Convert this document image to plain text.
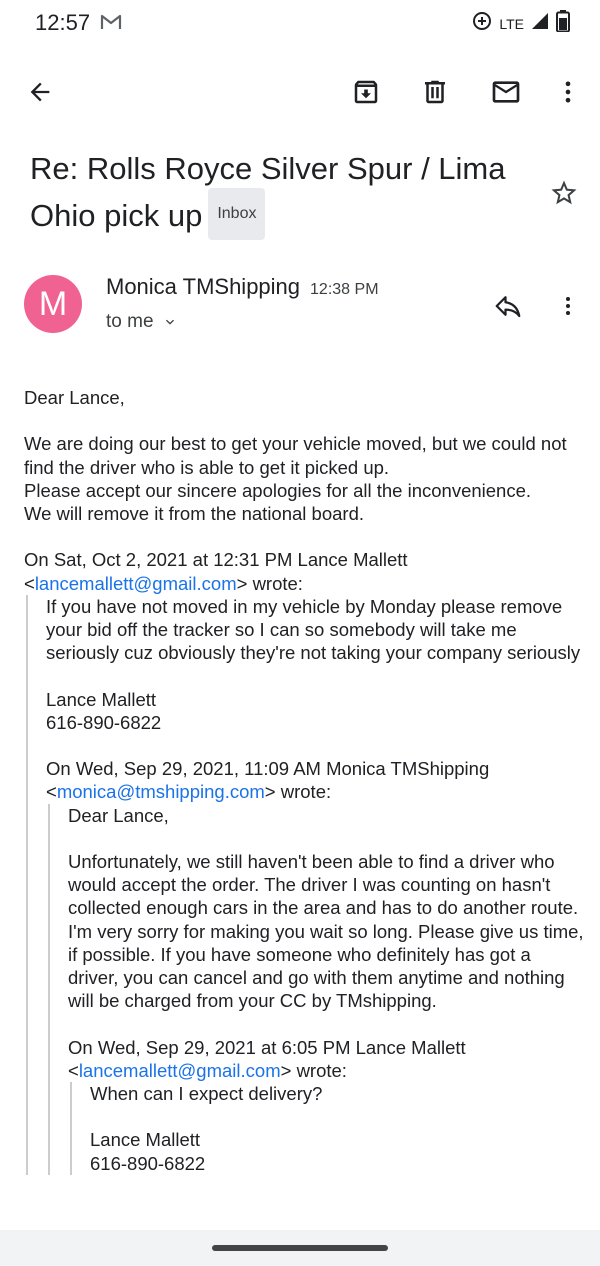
12:57	LTE
Re: Rolls Royce Silver Spur / Lima Ohio pick up Inbox
M	Monica TMShipping 12:38 PM
to me

Dear Lance,

We are doing our best to get your vehicle moved, but we could not find the driver who is able to get it picked up.
Please accept our sincere apologies for all the inconvenience.
We will remove it from the national board.

On Sat, Oct 2, 2021 at 12:31 PM Lance Mallett
<lancemallett@gmail.com> wrote:

If you have not moved in my vehicle by Monday please remove your bid off the tracker so I can so somebody will take me seriously cuz obviously they're not taking your company seriously

Lance Mallett
616-890-6822

On Wed, Sep 29, 2021, 11:09 AM Monica TMShipping
<monica@tmshipping.com> wrote:

Dear Lance,

Unfortunately, we still haven't been able to find a driver who would accept the order. The driver I was counting on hasn't collected enough cars in the area and has to do another route. I'm very sorry for making you wait so long. Please give us time, if possible. If you have someone who definitely has got a driver, you can cancel and go with them anytime and nothing will be charged from your CC by TMshipping.

On Wed, Sep 29, 2021 at 6:05 PM Lance Mallett
<lancemallett@gmail.com> wrote:

When can I expect delivery?

Lance Mallett
616-890-6822
